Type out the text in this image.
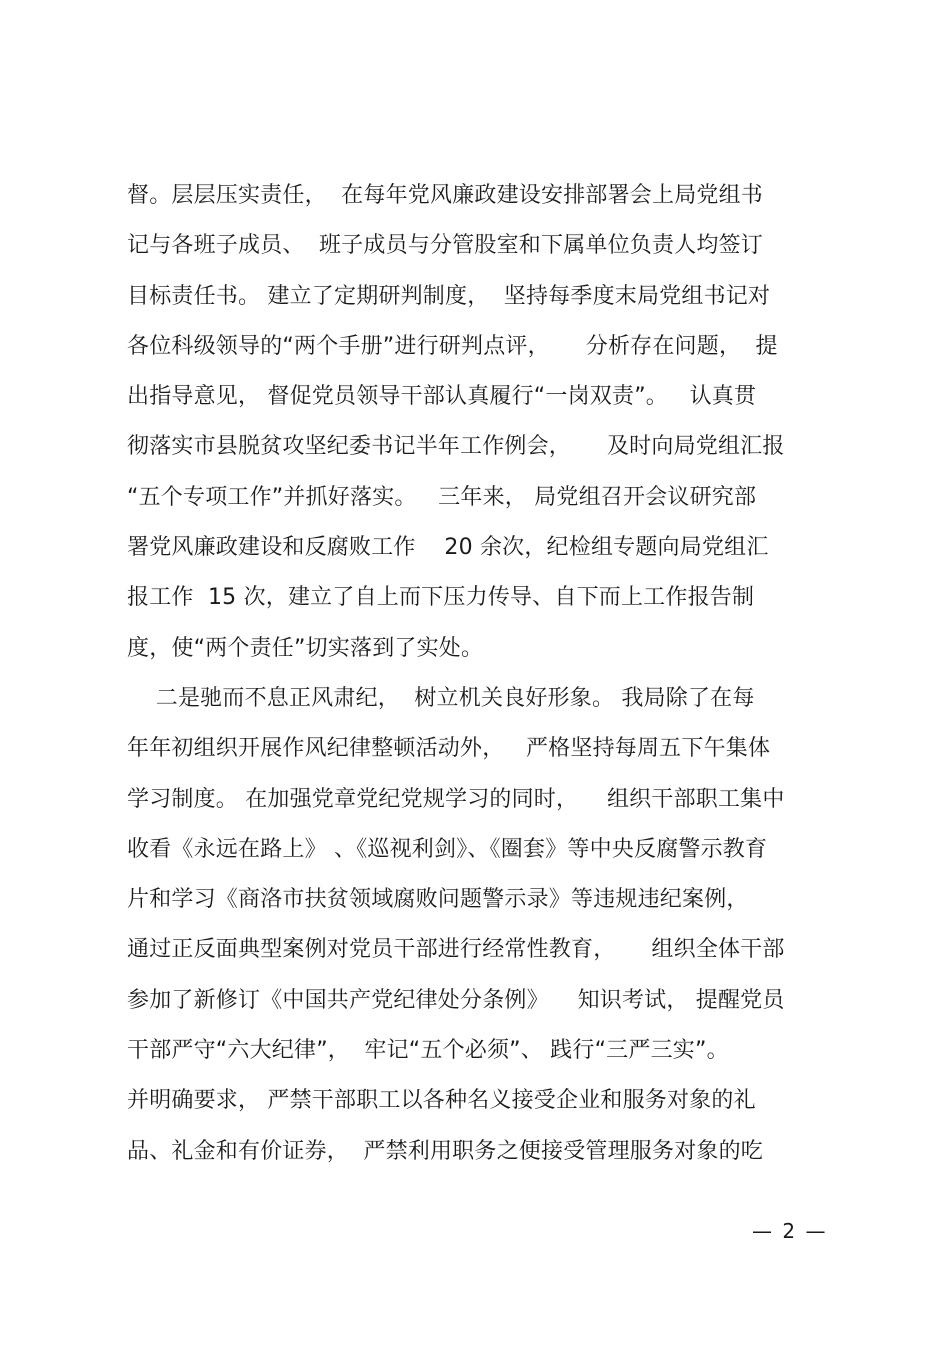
督。层层压实责任，  在每年党风廉政建设安排部署会上局党组书
记与各班子成员、  班子成员与分管股室和下属单位负责人均签订
目标责任书。 建立了定期研判制度，  坚持每季度末局党组书记对
各位科级领导的“两个手册”进行研判点评，     分析存在问题，  提
出指导意见， 督促党员领导干部认真履行“一岗双责”。   认真贯
彻落实市县脱贫攻坚纪委书记半年工作例会，     及时向局党组汇报
“五个专项工作”并抓好落实。   三年来， 局党组召开会议研究部
署党风廉政建设和反腐败工作    20 余次，纪检组专题向局党组汇
报工作  15 次，建立了自上而下压力传导、自下而上工作报告制
度，使“两个责任”切实落到了实处。
二是驰而不息正风肃纪，  树立机关良好形象。 我局除了在每
年年初组织开展作风纪律整顿活动外，   严格坚持每周五下午集体
学习制度。 在加强党章党纪党规学习的同时，    组织干部职工集中
收看《永远在路上》 、《巡视利剑》、《圈套》等中央反腐警示教育
片和学习《商洛市扶贫领域腐败问题警示录》等违规违纪案例，
通过正反面典型案例对党员干部进行经常性教育，     组织全体干部
参加了新修订《中国共产党纪律处分条例》    知识考试， 提醒党员
干部严守“六大纪律”，  牢记“五个必须”、 践行“三严三实”。
并明确要求， 严禁干部职工以各种名义接受企业和服务对象的礼
品、礼金和有价证券，  严禁利用职务之便接受管理服务对象的吃
— 2 —
